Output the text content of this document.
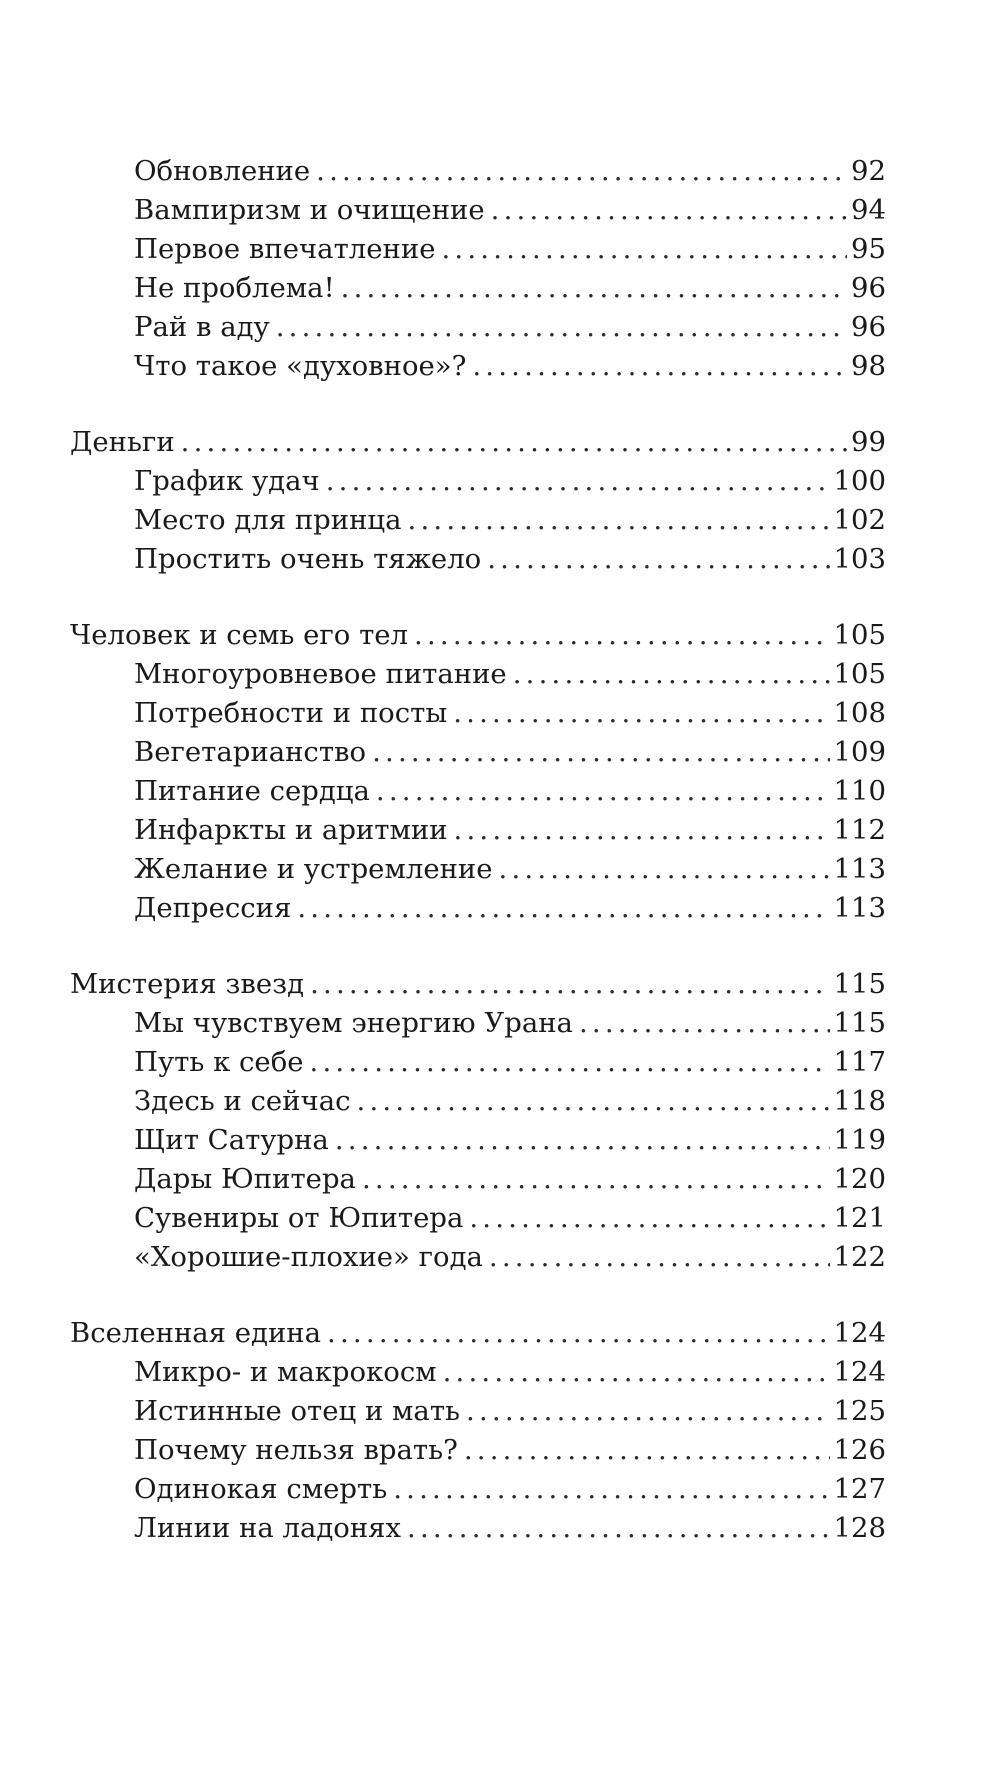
Обновление .....	92
Вампиризм и очищение .....	94
Первое впечатление .....	95
Не проблема! .....	96
Рай в аду .....	96
Что такое «духовное»? .....	98
Деньги .....	99
График удач .....	100
Место для принца .....	102
Простить очень тяжело .....	103
Человек и семь его тел .....	105
Многоуровневое питание .....	105
Потребности и посты .....	108
Вегетарианство .....	109
Питание сердца .....	110
Инфаркты и аритмии .....	112
Желание и устремление .....	113
Депрессия .....	113
Мистерия звезд .....	115
Мы чувствуем энергию Урана .....	115
Путь к себе .....	117
Здесь и сейчас .....	118
Щит Сатурна .....	119
Дары Юпитера .....	120
Сувениры от Юпитера .....	121
«Хорошие-плохие» года .....	122
Вселенная едина .....	124
Микро- и макрокосм .....	124
Истинные отец и мать .....	125
Почему нельзя врать? .....	126
Одинокая смерть .....	127
Линии на ладонях .....	128
